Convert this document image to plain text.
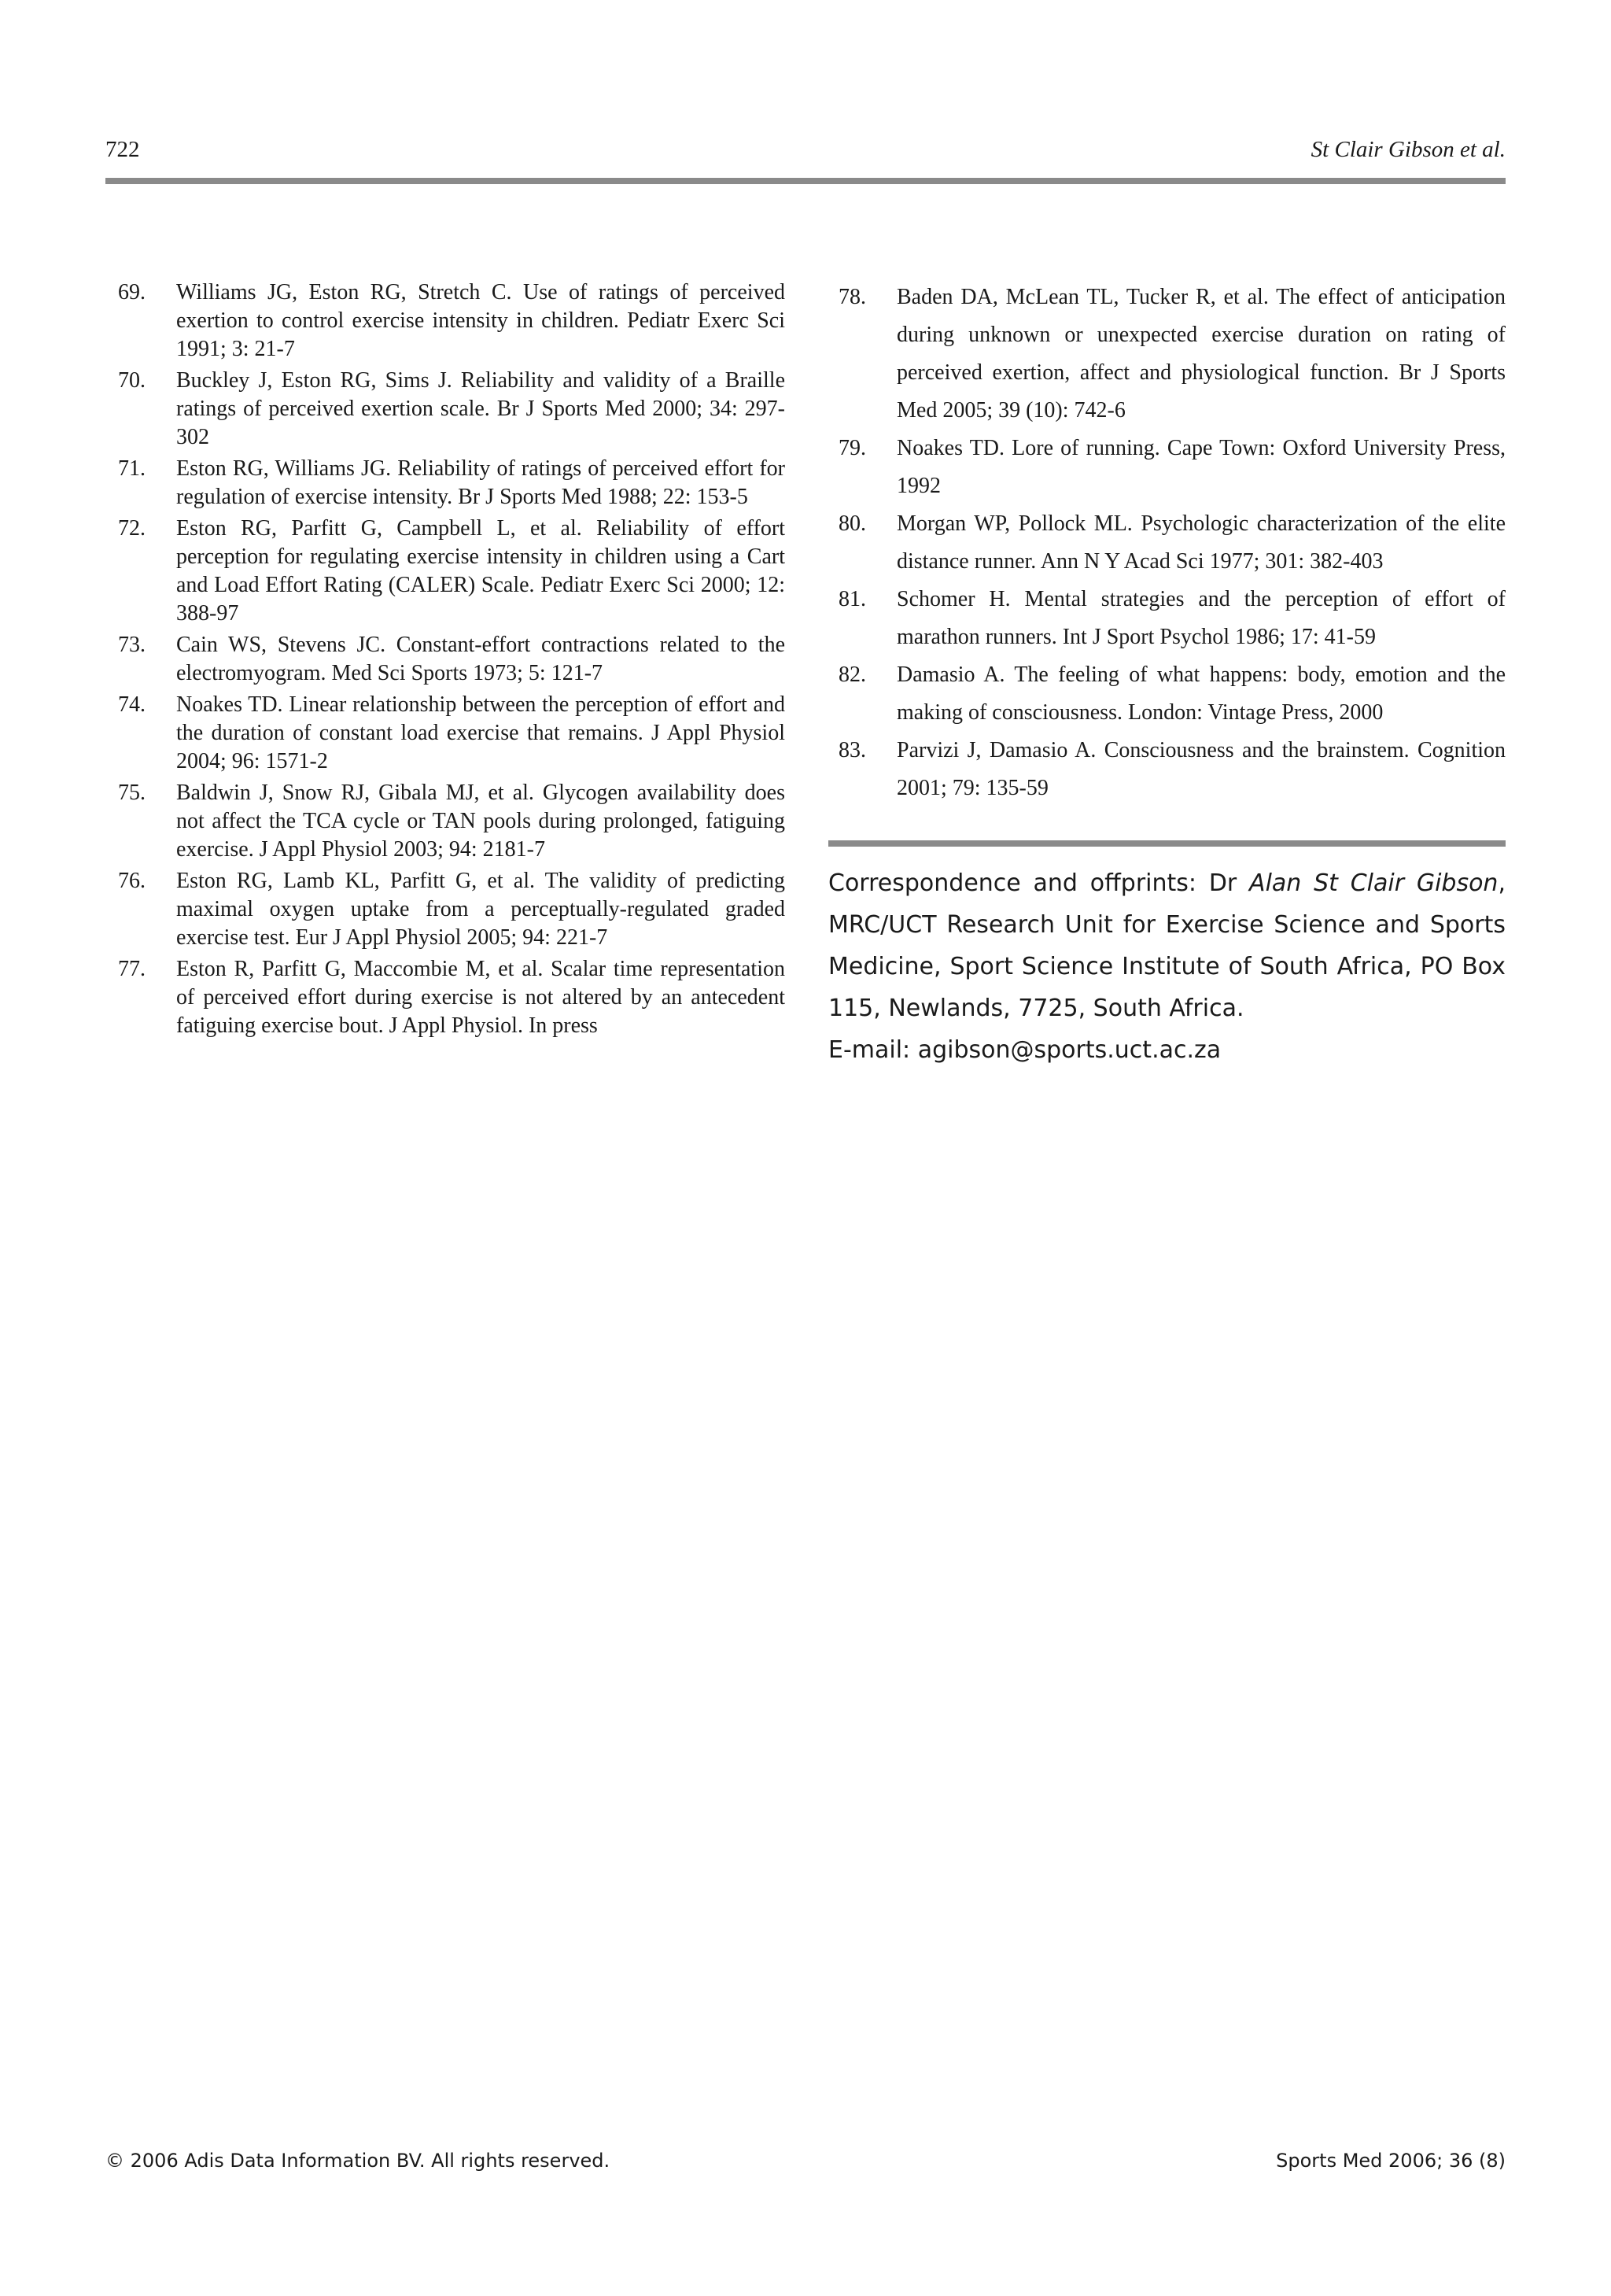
722	St Clair Gibson et al.
69. Williams JG, Eston RG, Stretch C. Use of ratings of perceived exertion to control exercise intensity in children. Pediatr Exerc Sci 1991; 3: 21-7
70. Buckley J, Eston RG, Sims J. Reliability and validity of a Braille ratings of perceived exertion scale. Br J Sports Med 2000; 34: 297-302
71. Eston RG, Williams JG. Reliability of ratings of perceived effort for regulation of exercise intensity. Br J Sports Med 1988; 22: 153-5
72. Eston RG, Parfitt G, Campbell L, et al. Reliability of effort perception for regulating exercise intensity in children using a Cart and Load Effort Rating (CALER) Scale. Pediatr Exerc Sci 2000; 12: 388-97
73. Cain WS, Stevens JC. Constant-effort contractions related to the electromyogram. Med Sci Sports 1973; 5: 121-7
74. Noakes TD. Linear relationship between the perception of effort and the duration of constant load exercise that remains. J Appl Physiol 2004; 96: 1571-2
75. Baldwin J, Snow RJ, Gibala MJ, et al. Glycogen availability does not affect the TCA cycle or TAN pools during prolonged, fatiguing exercise. J Appl Physiol 2003; 94: 2181-7
76. Eston RG, Lamb KL, Parfitt G, et al. The validity of predicting maximal oxygen uptake from a perceptually-regulated graded exercise test. Eur J Appl Physiol 2005; 94: 221-7
77. Eston R, Parfitt G, Maccombie M, et al. Scalar time representation of perceived effort during exercise is not altered by an antecedent fatiguing exercise bout. J Appl Physiol. In press
78. Baden DA, McLean TL, Tucker R, et al. The effect of anticipation during unknown or unexpected exercise duration on rating of perceived exertion, affect and physiological function. Br J Sports Med 2005; 39 (10): 742-6
79. Noakes TD. Lore of running. Cape Town: Oxford University Press, 1992
80. Morgan WP, Pollock ML. Psychologic characterization of the elite distance runner. Ann N Y Acad Sci 1977; 301: 382-403
81. Schomer H. Mental strategies and the perception of effort of marathon runners. Int J Sport Psychol 1986; 17: 41-59
82. Damasio A. The feeling of what happens: body, emotion and the making of consciousness. London: Vintage Press, 2000
83. Parvizi J, Damasio A. Consciousness and the brainstem. Cognition 2001; 79: 135-59

Correspondence and offprints: Dr Alan St Clair Gibson, MRC/UCT Research Unit for Exercise Science and Sports Medicine, Sport Science Institute of South Africa, PO Box 115, Newlands, 7725, South Africa.

E-mail: agibson@sports.uct.ac.za
© 2006 Adis Data Information BV. All rights reserved.	Sports Med 2006; 36 (8)
